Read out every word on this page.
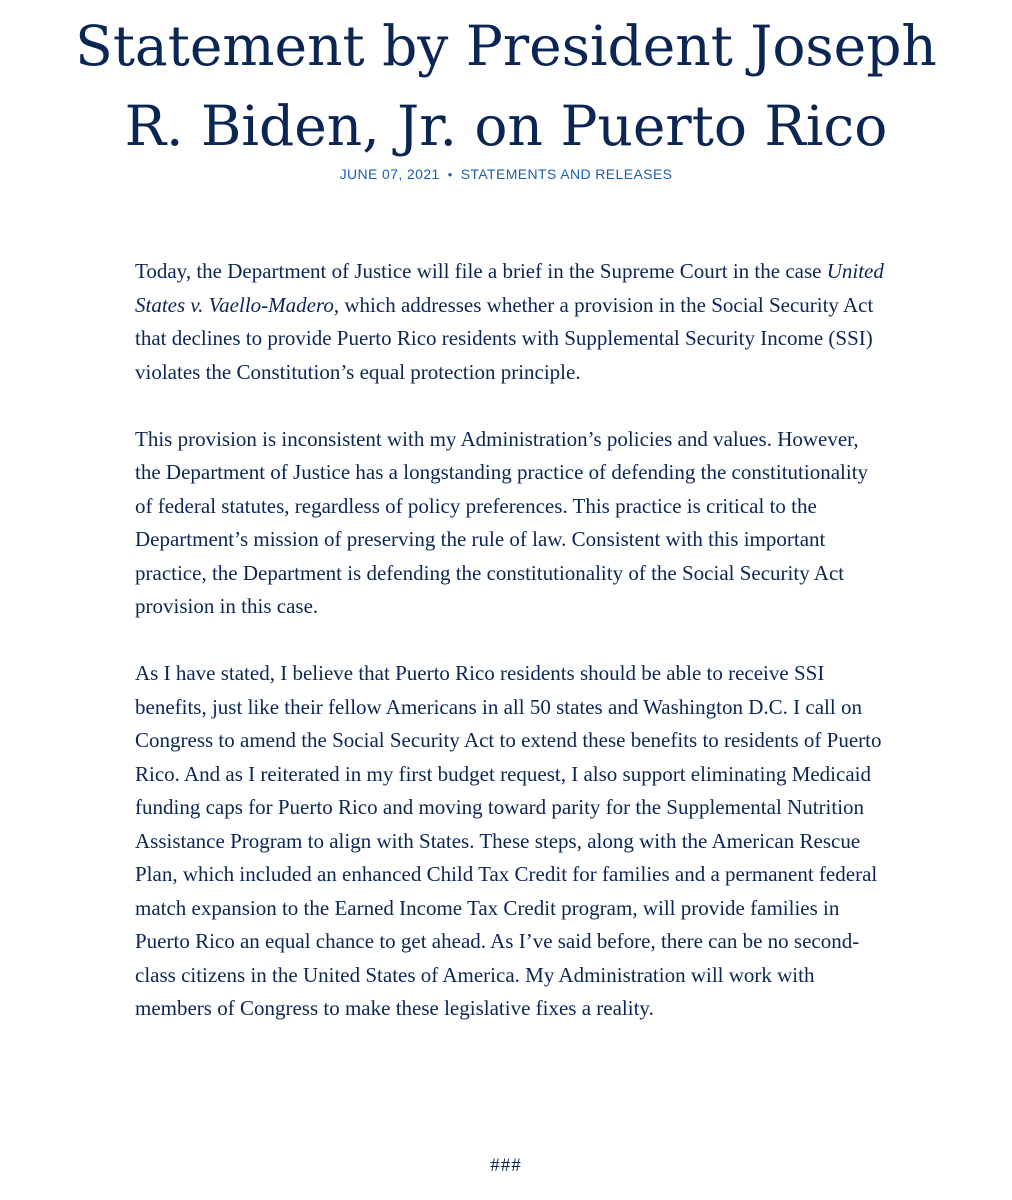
Statement by President Joseph R. Biden, Jr. on Puerto Rico
JUNE 07, 2021 • STATEMENTS AND RELEASES

Today, the Department of Justice will file a brief in the Supreme Court in the case United States v. Vaello-Madero, which addresses whether a provision in the Social Security Act that declines to provide Puerto Rico residents with Supplemental Security Income (SSI) violates the Constitution’s equal protection principle.

This provision is inconsistent with my Administration’s policies and values. However, the Department of Justice has a longstanding practice of defending the constitutionality of federal statutes, regardless of policy preferences. This practice is critical to the Department’s mission of preserving the rule of law. Consistent with this important practice, the Department is defending the constitutionality of the Social Security Act provision in this case.

As I have stated, I believe that Puerto Rico residents should be able to receive SSI benefits, just like their fellow Americans in all 50 states and Washington D.C. I call on Congress to amend the Social Security Act to extend these benefits to residents of Puerto Rico. And as I reiterated in my first budget request, I also support eliminating Medicaid funding caps for Puerto Rico and moving toward parity for the Supplemental Nutrition Assistance Program to align with States. These steps, along with the American Rescue Plan, which included an enhanced Child Tax Credit for families and a permanent federal match expansion to the Earned Income Tax Credit program, will provide families in Puerto Rico an equal chance to get ahead. As I’ve said before, there can be no second-class citizens in the United States of America. My Administration will work with members of Congress to make these legislative fixes a reality.

###
